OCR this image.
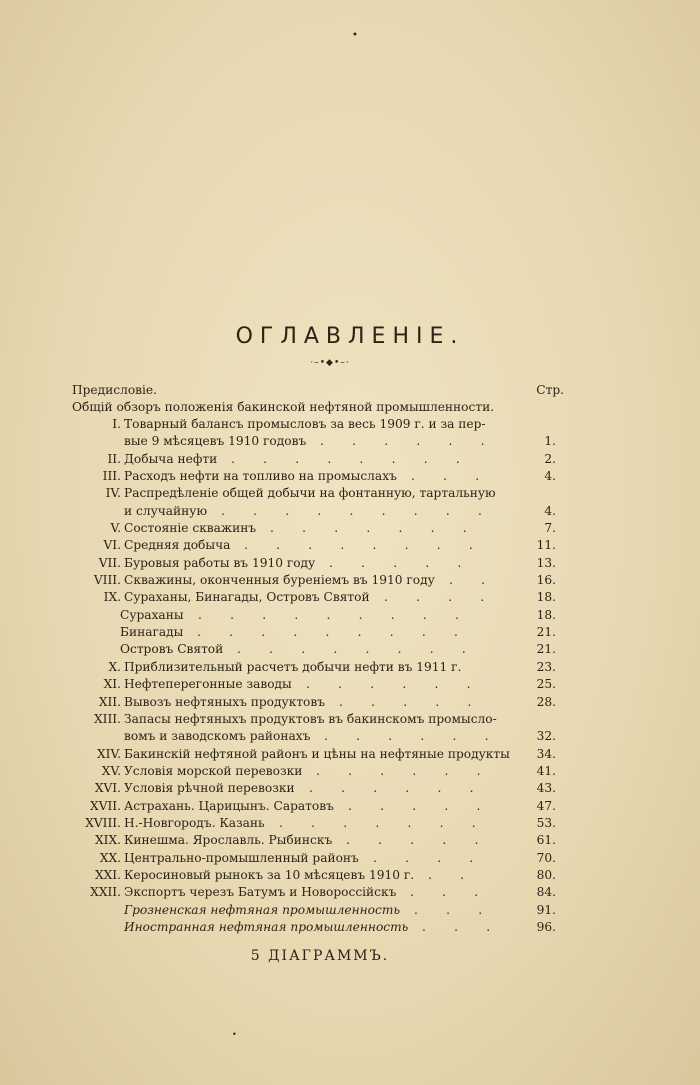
•
ОГЛАВЛЕНIЕ.
·–•◆•–·
Предисловіе.	Стр.
Общій обзоръ положенія бакинской нефтяной промышленности.
I. Товарный балансъ промысловъ за весь 1909 г. и за пер-
вые 9 мѣсяцевъ 1910 годовъ	1.
.   .   .   .   .   .  
II. Добыча нефти	2.
.   .   .   .   .   .   .   .  
III. Расходъ нефти на топливо на промыслахъ	4.
.   .   .  
IV. Распредѣленіе общей добычи на фонтанную, тартальную
и случайную	4.
.   .   .   .   .   .   .   .   .  
V. Состояніе скважинъ	7.
.   .   .   .   .   .   .  
VI. Средняя добыча	11.
.   .   .   .   .   .   .   .  
VII. Буровыя работы въ 1910 году	13.
.   .   .   .   .  
VIII. Скважины, оконченныя буреніемъ въ 1910 году	16.
.   .  
IX. Сураханы, Бинагады, Островъ Святой	18.
.   .   .   .  
Сураханы	18.
.   .   .   .   .   .   .   .   .  
Бинагады	21.
.   .   .   .   .   .   .   .   .  
Островъ Святой	21.
.   .   .   .   .   .   .   .  
X. Приблизительный расчетъ добычи нефти въ 1911 г.	23.
XI. Нефтеперегонные заводы	25.
.   .   .   .   .   .  
XII. Вывозъ нефтяныхъ продуктовъ	28.
.   .   .   .   .  
XIII. Запасы нефтяныхъ продуктовъ въ бакинскомъ промысло-
вомъ и заводскомъ районахъ	32.
.   .   .   .   .   .  
XIV. Бакинскій нефтяной районъ и цѣны на нефтяные продукты 34.
XV. Условія морской перевозки	41.
.   .   .   .   .   .  
XVI. Условія рѣчной перевозки	43.
.   .   .   .   .   .  
XVII. Астрахань. Царицынъ. Саратовъ	47.
.   .   .   .   .  
XVIII. Н.-Новгородъ. Казань	53.
.   .   .   .   .   .   .  
XIX. Кинешма. Ярославль. Рыбинскъ	61.
.   .   .   .   .  
XX. Центрально-промышленный районъ	70.
.   .   .   .  
XXI. Керосиновый рынокъ за 10 мѣсяцевъ 1910 г.	80.
.   .  
XXII. Экспортъ черезъ Батумъ и Новороссійскъ	84.
.   .   .  
Грозненская нефтяная промышленность	91.
.   .   .  
Иностранная нефтяная промышленность	96.
.   .   .  
5 ДIАГРАММЪ.
•
